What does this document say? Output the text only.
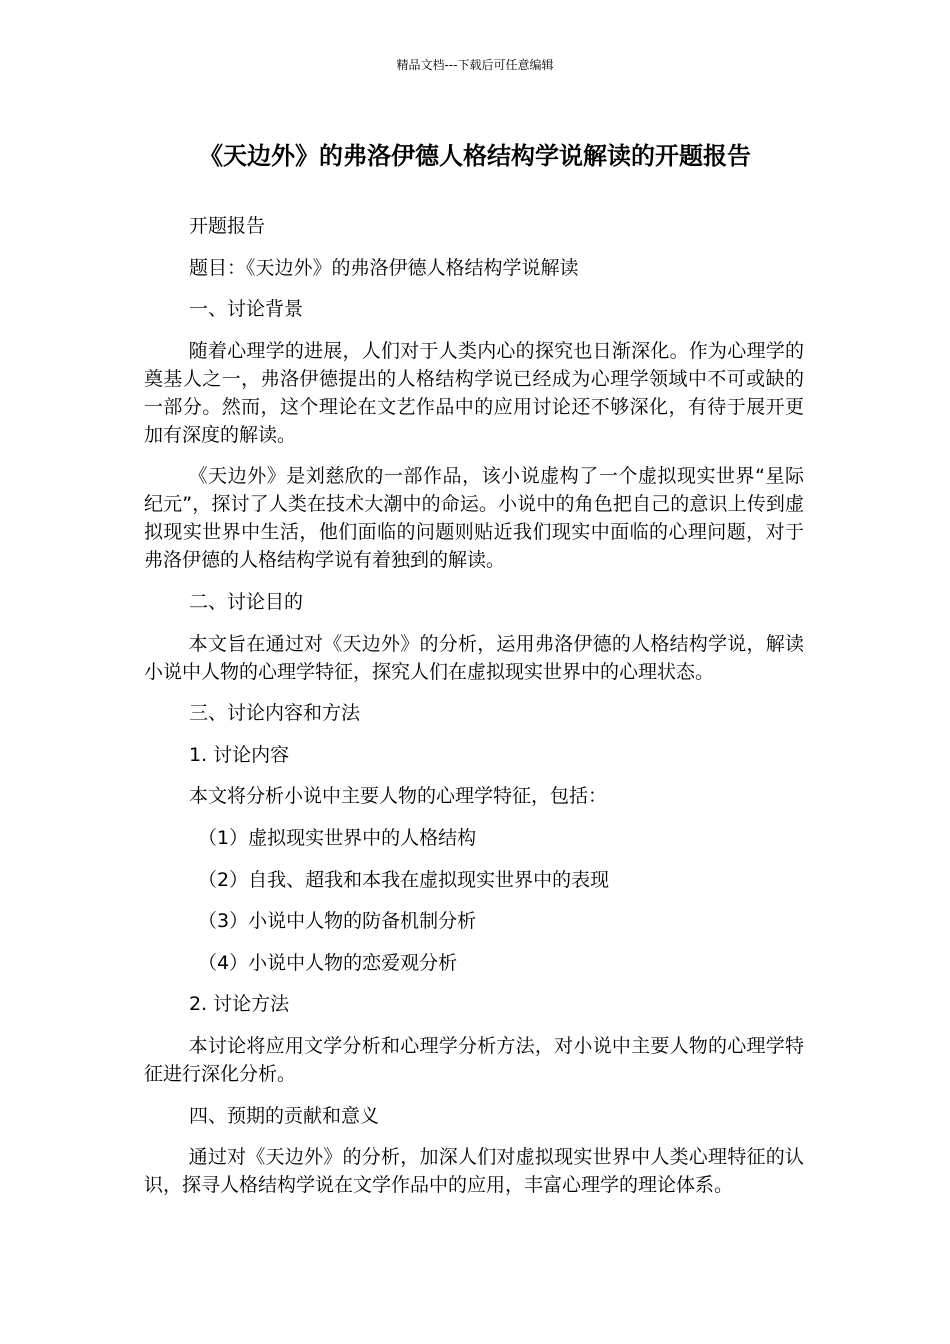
精品文档---下载后可任意编辑
《天边外》的弗洛伊德人格结构学说解读的开题报告

开题报告

题目：《天边外》的弗洛伊德人格结构学说解读

一、讨论背景

随着心理学的进展，人们对于人类内心的探究也日渐深化。作为心理学的奠基人之一，弗洛伊德提出的人格结构学说已经成为心理学领域中不可或缺的一部分。然而，这个理论在文艺作品中的应用讨论还不够深化，有待于展开更加有深度的解读。

《天边外》是刘慈欣的一部作品，该小说虚构了一个虚拟现实世界“星际纪元”，探讨了人类在技术大潮中的命运。小说中的角色把自己的意识上传到虚拟现实世界中生活，他们面临的问题则贴近我们现实中面临的心理问题，对于弗洛伊德的人格结构学说有着独到的解读。

二、讨论目的

本文旨在通过对《天边外》的分析，运用弗洛伊德的人格结构学说，解读小说中人物的心理学特征，探究人们在虚拟现实世界中的心理状态。

三、讨论内容和方法

1. 讨论内容

本文将分析小说中主要人物的心理学特征，包括：

（1）虚拟现实世界中的人格结构

（2）自我、超我和本我在虚拟现实世界中的表现

（3）小说中人物的防备机制分析

（4）小说中人物的恋爱观分析

2. 讨论方法

本讨论将应用文学分析和心理学分析方法，对小说中主要人物的心理学特征进行深化分析。

四、预期的贡献和意义

通过对《天边外》的分析，加深人们对虚拟现实世界中人类心理特征的认识，探寻人格结构学说在文学作品中的应用，丰富心理学的理论体系。
